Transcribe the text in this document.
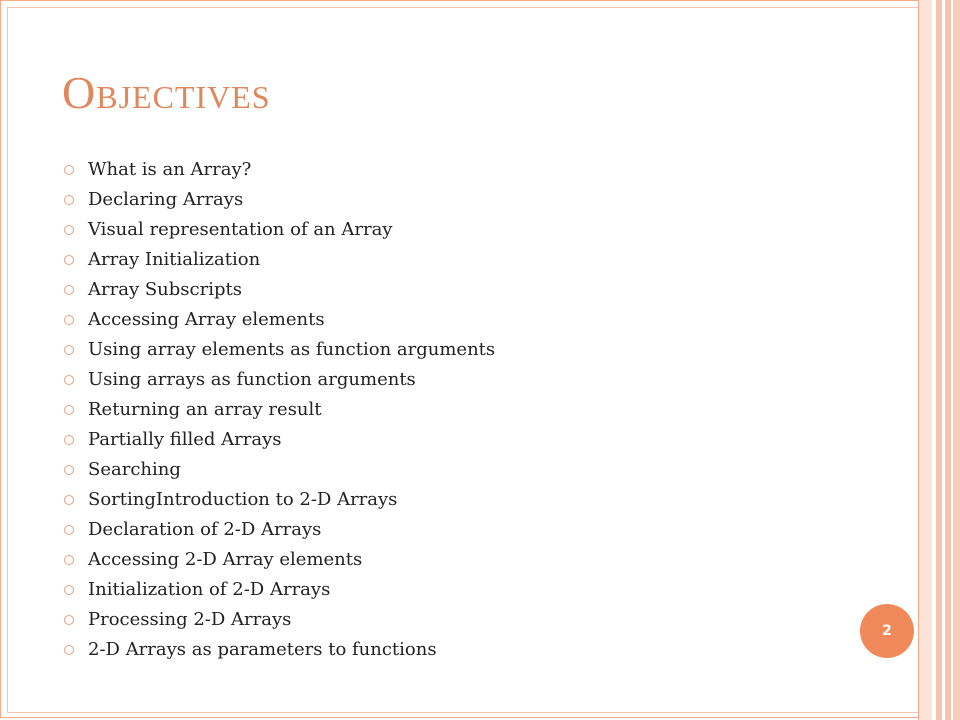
Objectives
What is an Array?
Declaring Arrays
Visual representation of an Array
Array Initialization
Array Subscripts
Accessing Array elements
Using array elements as function arguments
Using arrays as function arguments
Returning an array result
Partially filled Arrays
Searching
SortingIntroduction to 2-D Arrays
Declaration of 2-D Arrays
Accessing 2-D Array elements
Initialization of 2-D Arrays
Processing 2-D Arrays
2-D Arrays as parameters to functions
2
